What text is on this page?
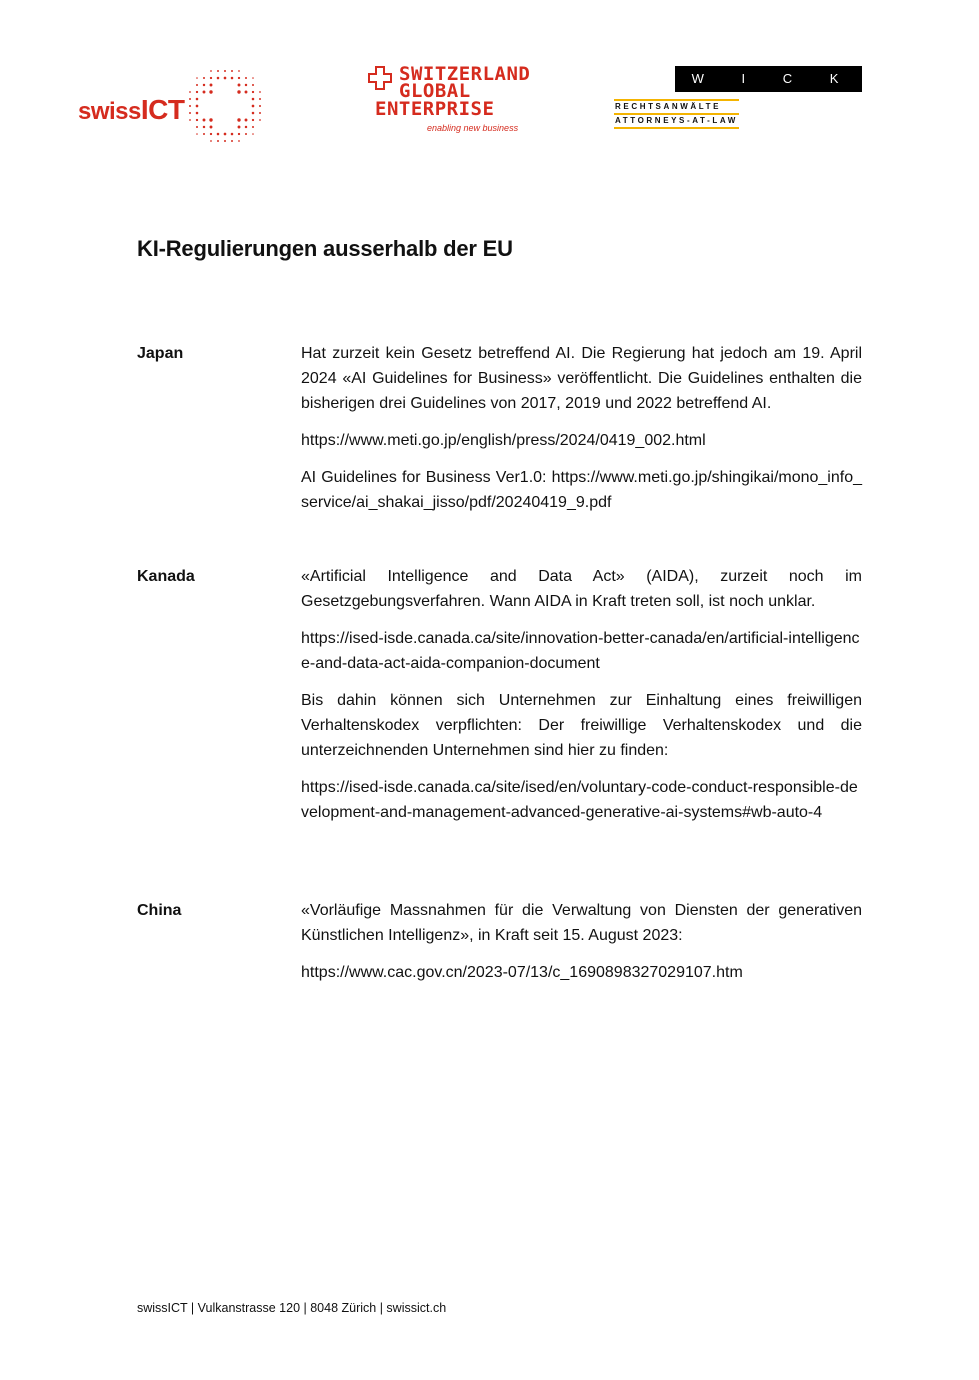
swissICT
SWITZERLAND
GLOBAL
ENTERPRISE
enabling new business
W I C K I
RECHTSANWÄLTE
ATTORNEYS-AT-LAW
KI-Regulierungen ausserhalb der EU
Japan	Hat zurzeit kein Gesetz betreffend AI. Die Regierung hat jedoch am 19. April 2024 «AI Guidelines for Business» veröffentlicht. Die Guidelines enthalten die bisherigen drei Guidelines von 2017, 2019 und 2022 betreffend AI.

https://www.meti.go.jp/english/press/2024/0419_002.html

AI Guidelines for Business Ver1.0: https://www.meti.go.jp/shingikai/mono_info_service/ai_shakai_jisso/pdf/20240419_9.pdf

Kanada	«Artificial Intelligence and Data Act» (AIDA), zurzeit noch im Gesetzgebungsverfahren. Wann AIDA in Kraft treten soll, ist noch unklar.

https://ised-isde.canada.ca/site/innovation-better-canada/en/artificial-intelligence-and-data-act-aida-companion-document

Bis dahin können sich Unternehmen zur Einhaltung eines freiwilligen Verhaltenskodex verpflichten: Der freiwillige Verhaltenskodex und die unterzeichnenden Unternehmen sind hier zu finden:

https://ised-isde.canada.ca/site/ised/en/voluntary-code-conduct-responsible-development-and-management-advanced-generative-ai-systems#wb-auto-4

China	«Vorläufige Massnahmen für die Verwaltung von Diensten der generativen Künstlichen Intelligenz», in Kraft seit 15. August 2023:

https://www.cac.gov.cn/2023-07/13/c_1690898327029107.htm

swissICT | Vulkanstrasse 120 | 8048 Zürich | swissict.ch
